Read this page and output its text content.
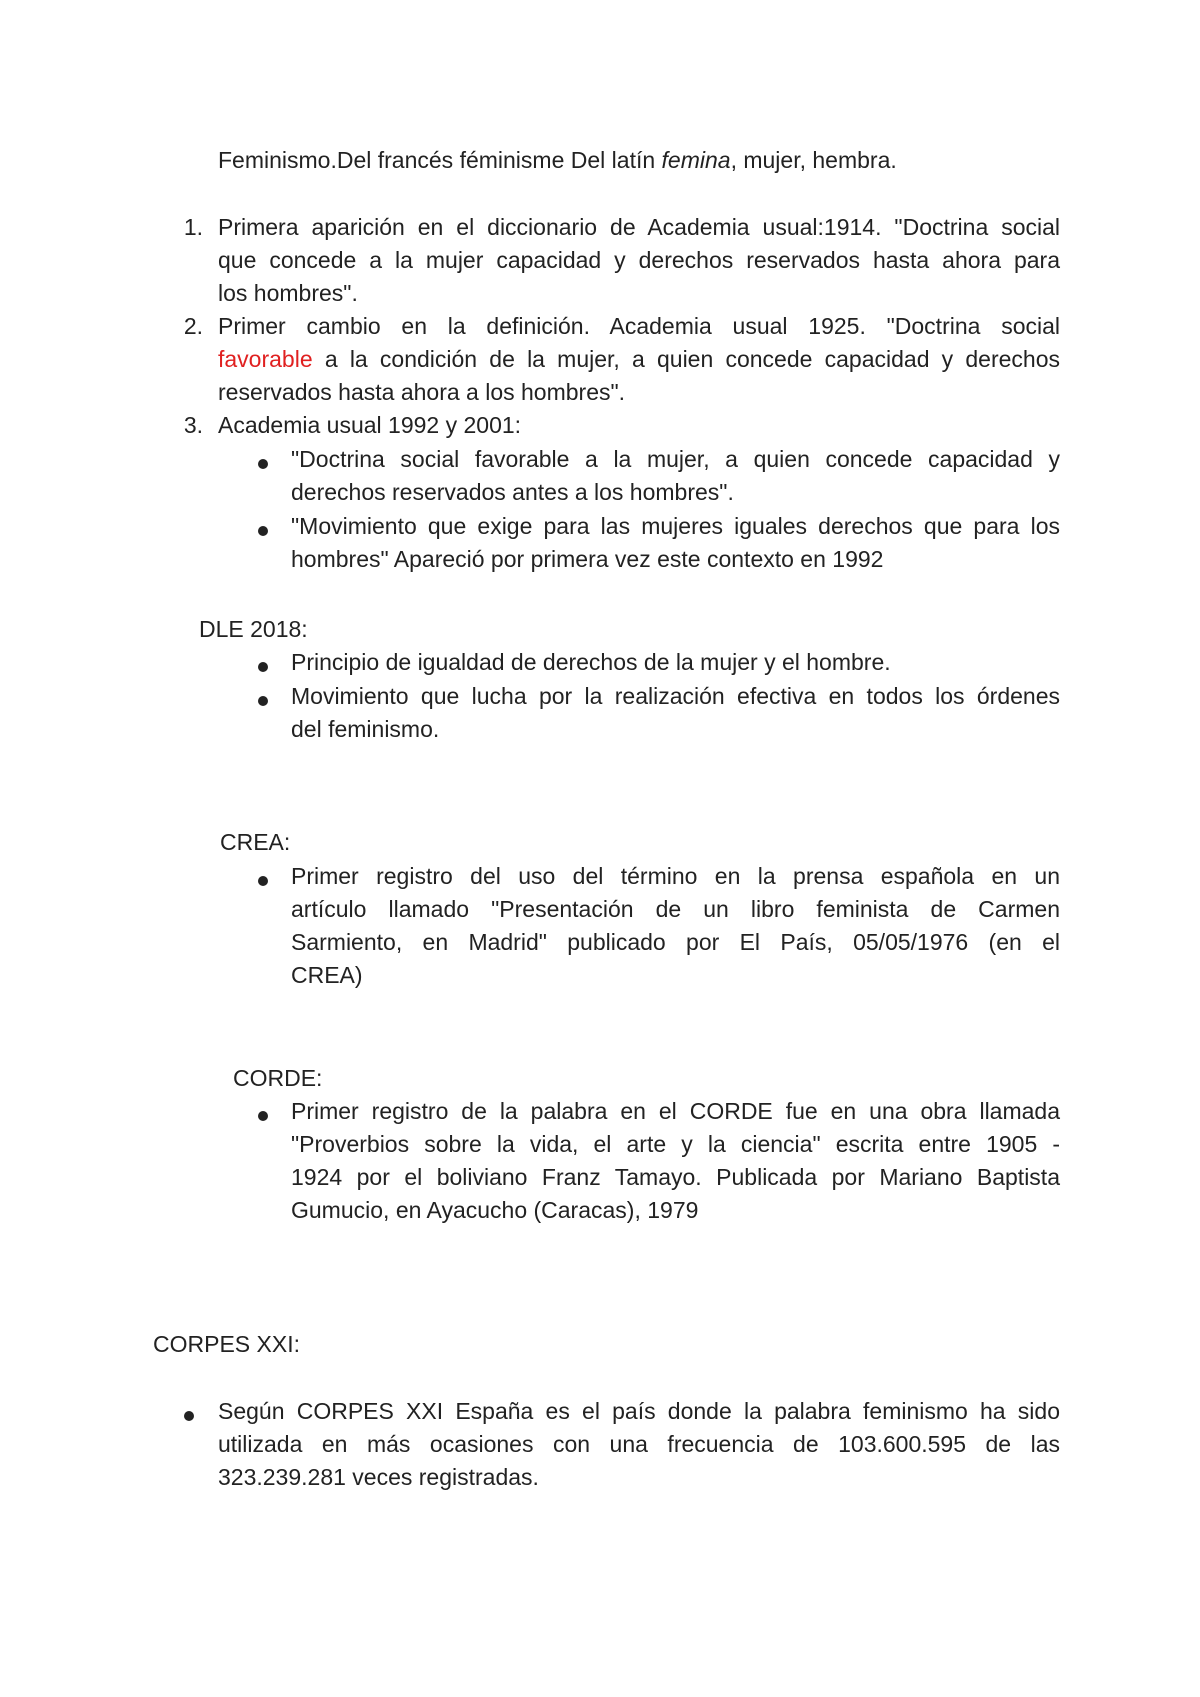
Feminismo.Del francés féminisme Del latín femina, mujer, hembra.
1. Primera aparición en el diccionario de Academia usual:1914. "Doctrina social
que concede a la mujer capacidad y derechos reservados hasta ahora para
los hombres".
2. Primer cambio en la definición. Academia usual 1925. "Doctrina social
favorable a la condición de la mujer, a quien concede capacidad y derechos
reservados hasta ahora a los hombres".
3. Academia usual 1992 y 2001:
"Doctrina social favorable a la mujer, a quien concede capacidad y
derechos reservados antes a los hombres".
"Movimiento que exige para las mujeres iguales derechos que para los
hombres" Apareció por primera vez este contexto en 1992
DLE 2018:
Principio de igualdad de derechos de la mujer y el hombre.
Movimiento que lucha por la realización efectiva en todos los órdenes
del feminismo.
CREA:
Primer registro del uso del término en la prensa española en un
artículo llamado "Presentación de un libro feminista de Carmen
Sarmiento, en Madrid" publicado por El País, 05/05/1976 (en el
CREA)
CORDE:
Primer registro de la palabra en el CORDE fue en una obra llamada
"Proverbios sobre la vida, el arte y la ciencia" escrita entre 1905 -
1924 por el boliviano Franz Tamayo. Publicada por Mariano Baptista
Gumucio, en Ayacucho (Caracas), 1979
CORPES XXI:
Según CORPES XXI España es el país donde la palabra feminismo ha sido
utilizada en más ocasiones con una frecuencia de 103.600.595 de las
323.239.281 veces registradas.
